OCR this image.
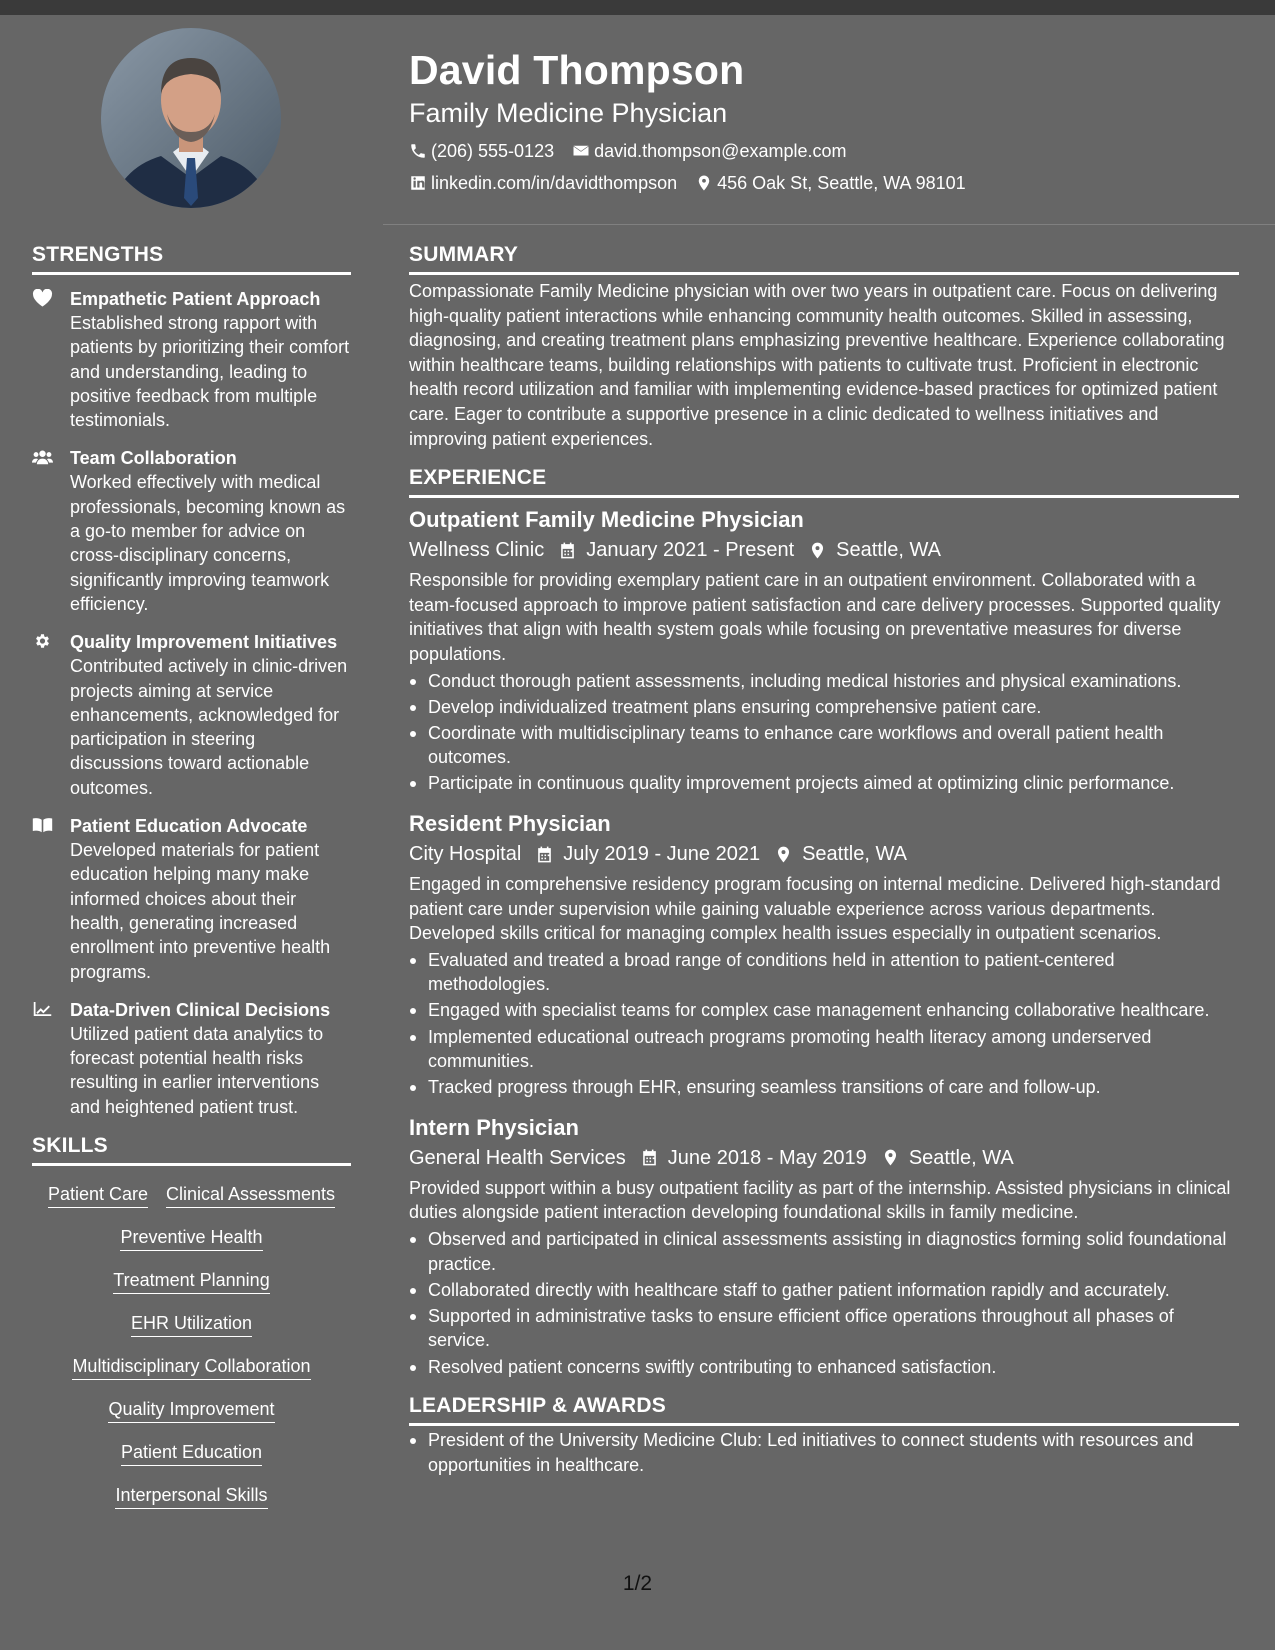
David Thompson
Family Medicine Physician
(206) 555-0123 david.thompson@example.com
linkedin.com/in/davidthompson 456 Oak St, Seattle, WA 98101
STRENGTHS
Empathetic Patient Approach
Established strong rapport with patients by prioritizing their comfort and understanding, leading to positive feedback from multiple testimonials.
Team Collaboration
Worked effectively with medical professionals, becoming known as a go-to member for advice on cross-disciplinary concerns, significantly improving teamwork efficiency.
Quality Improvement Initiatives
Contributed actively in clinic-driven projects aiming at service enhancements, acknowledged for participation in steering discussions toward actionable outcomes.
Patient Education Advocate
Developed materials for patient education helping many make informed choices about their health, generating increased enrollment into preventive health programs.
Data-Driven Clinical Decisions
Utilized patient data analytics to forecast potential health risks resulting in earlier interventions and heightened patient trust.
SKILLS
Patient Care Clinical Assessments
Preventive Health
Treatment Planning
EHR Utilization
Multidisciplinary Collaboration
Quality Improvement
Patient Education
Interpersonal Skills
SUMMARY
Compassionate Family Medicine physician with over two years in outpatient care. Focus on delivering high-quality patient interactions while enhancing community health outcomes. Skilled in assessing, diagnosing, and creating treatment plans emphasizing preventive healthcare. Experience collaborating within healthcare teams, building relationships with patients to cultivate trust. Proficient in electronic health record utilization and familiar with implementing evidence-based practices for optimized patient care. Eager to contribute a supportive presence in a clinic dedicated to wellness initiatives and improving patient experiences.
EXPERIENCE
Outpatient Family Medicine Physician
Wellness Clinic January 2021 - Present Seattle, WA
Responsible for providing exemplary patient care in an outpatient environment. Collaborated with a team-focused approach to improve patient satisfaction and care delivery processes. Supported quality initiatives that align with health system goals while focusing on preventative measures for diverse populations.
Conduct thorough patient assessments, including medical histories and physical examinations.
Develop individualized treatment plans ensuring comprehensive patient care.
Coordinate with multidisciplinary teams to enhance care workflows and overall patient health outcomes.
Participate in continuous quality improvement projects aimed at optimizing clinic performance.
Resident Physician
City Hospital July 2019 - June 2021 Seattle, WA
Engaged in comprehensive residency program focusing on internal medicine. Delivered high-standard patient care under supervision while gaining valuable experience across various departments. Developed skills critical for managing complex health issues especially in outpatient scenarios.
Evaluated and treated a broad range of conditions held in attention to patient-centered methodologies.
Engaged with specialist teams for complex case management enhancing collaborative healthcare.
Implemented educational outreach programs promoting health literacy among underserved communities.
Tracked progress through EHR, ensuring seamless transitions of care and follow-up.
Intern Physician
General Health Services June 2018 - May 2019 Seattle, WA
Provided support within a busy outpatient facility as part of the internship. Assisted physicians in clinical duties alongside patient interaction developing foundational skills in family medicine.
Observed and participated in clinical assessments assisting in diagnostics forming solid foundational practice.
Collaborated directly with healthcare staff to gather patient information rapidly and accurately.
Supported in administrative tasks to ensure efficient office operations throughout all phases of service.
Resolved patient concerns swiftly contributing to enhanced satisfaction.
LEADERSHIP & AWARDS
President of the University Medicine Club: Led initiatives to connect students with resources and opportunities in healthcare.
1/2
